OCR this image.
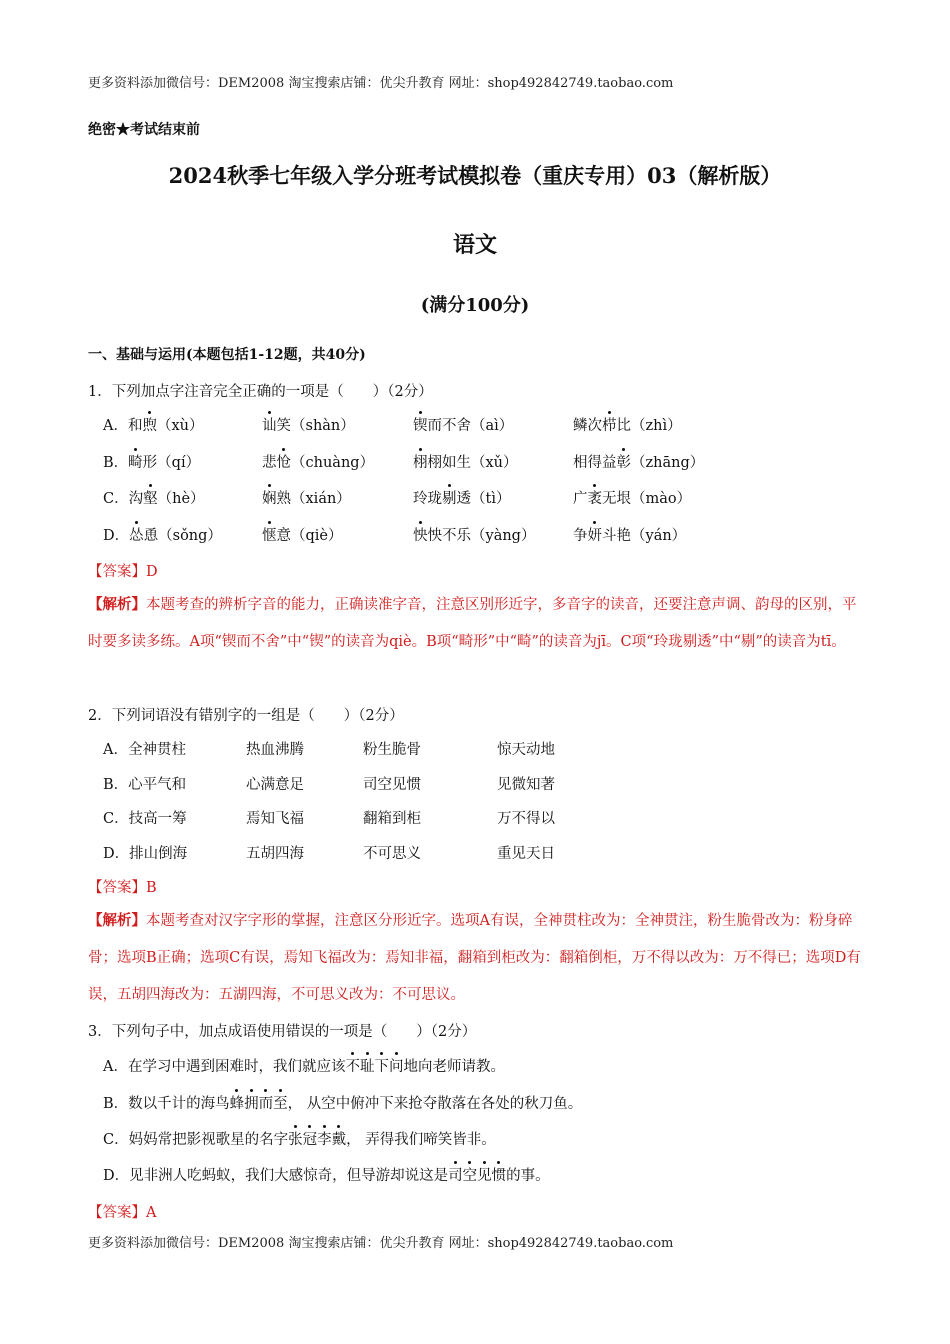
更多资料添加微信号：DEM2008 淘宝搜索店铺：优尖升教育 网址：shop492842749.taobao.com
绝密★考试结束前
2024秋季七年级入学分班考试模拟卷（重庆专用）03（解析版）
语文
(满分100分)
一、基础与运用(本题包括1-12题，共40分)
1．下列加点字注音完全正确的一项是（　　）（2分）
A．和煦（xù）	讪笑（shàn）	锲而不舍（aì）	鳞次栉比（zhì）
B．畸形（qí）	悲怆（chuàng）	栩栩如生（xǔ）	相得益彰（zhāng）
C．沟壑（hè）	娴熟（xián）	玲珑剔透（tì）	广袤无垠（mào）
D．怂恿（sǒng）	惬意（qiè）	怏怏不乐（yàng）	争妍斗艳（yán）
【答案】D
【解析】本题考查的辨析字音的能力，正确读准字音，注意区别形近字，多音字的读音，还要注意声调、韵母的区别，平时要多读多练。A项“锲而不舍”中“锲”的读音为qiè。B项“畸形”中“畸”的读音为jī。C项“玲珑剔透”中“剔”的读音为tī。
2．下列词语没有错别字的一组是（　　）（2分）
A．全神贯柱	热血沸腾	粉生脆骨	惊天动地
B．心平气和	心满意足	司空见惯	见微知著
C．技高一筹	焉知飞福	翻箱到柜	万不得以
D．排山倒海	五胡四海	不可思义	重见天日
【答案】B
【解析】本题考查对汉字字形的掌握，注意区分形近字。选项A有误，全神贯柱改为：全神贯注，粉生脆骨改为：粉身碎骨；选项B正确；选项C有误，焉知飞福改为：焉知非福，翻箱到柜改为：翻箱倒柜，万不得以改为：万不得已；选项D有误，五胡四海改为：五湖四海，不可思义改为：不可思议。
3．下列句子中，加点成语使用错误的一项是（　　）（2分）
A．在学习中遇到困难时，我们就应该不耻下问地向老师请教。
B．数以千计的海鸟蜂拥而至， 从空中俯冲下来抢夺散落在各处的秋刀鱼。
C．妈妈常把影视歌星的名字张冠李戴， 弄得我们啼笑皆非。
D．见非洲人吃蚂蚁，我们大感惊奇，但导游却说这是司空见惯的事。
【答案】A
更多资料添加微信号：DEM2008 淘宝搜索店铺：优尖升教育 网址：shop492842749.taobao.com
